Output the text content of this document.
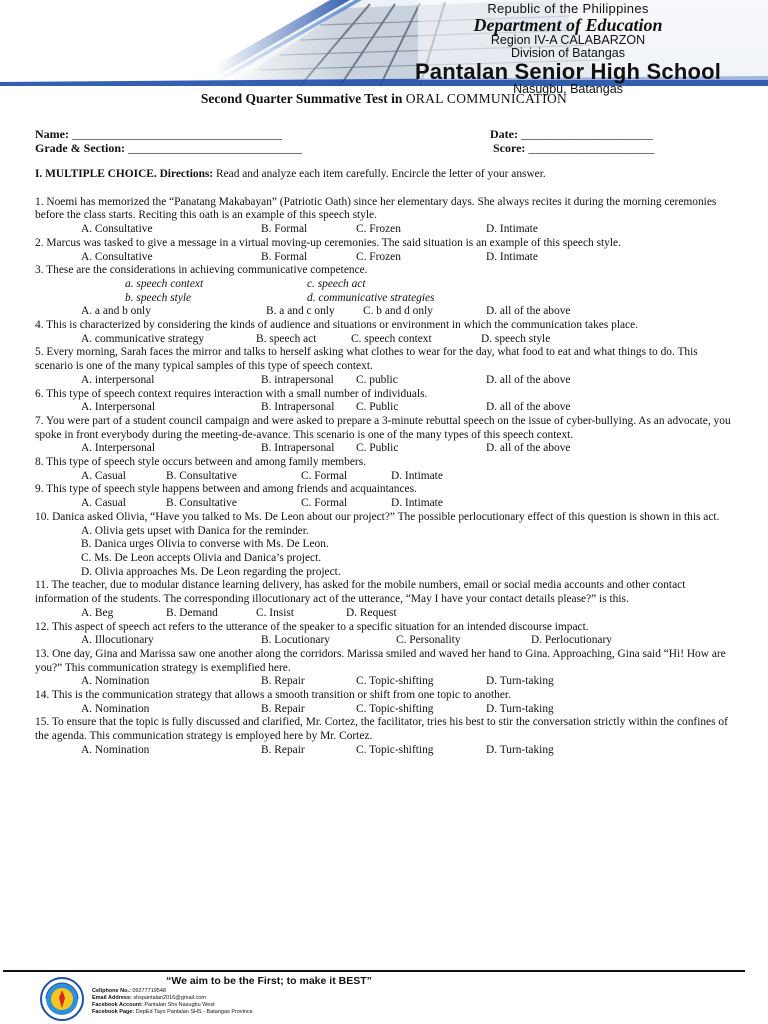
Republic of the Philippines
Department of Education
Region IV-A CALABARZON
Division of Batangas
Pantalan Senior High School
Nasugbu, Batangas
Second Quarter Summative Test in ORAL COMMUNICATION
Name: ___________________________________
Grade & Section: _____________________________
Date: ______________________
Score: _____________________

I. MULTIPLE CHOICE. Directions: Read and analyze each item carefully. Encircle the letter of your answer.

1. Noemi has memorized the “Panatang Makabayan” (Patriotic Oath) since her elementary days. She always recites it during the morning ceremonies before the class starts. Reciting this oath is an example of this speech style.

A. Consultative	B. Formal	C. Frozen	D. Intimate

2. Marcus was tasked to give a message in a virtual moving-up ceremonies. The said situation is an example of this speech style.

A. Consultative	B. Formal	C. Frozen	D. Intimate

3. These are the considerations in achieving communicative competence.

a. speech context	c. speech act
b. speech style	d. communicative strategies
A. a and b only	B. a and c only	C. b and d only	D. all of the above

4. This is characterized by considering the kinds of audience and situations or environment in which the communication takes place.

A. communicative strategy	B. speech act	C. speech context	D. speech style

5. Every morning, Sarah faces the mirror and talks to herself asking what clothes to wear for the day, what food to eat and what things to do. This scenario is one of the many typical samples of this type of speech context.

A. interpersonal	B. intrapersonal	C. public	D. all of the above

6. This type of speech context requires interaction with a small number of individuals.

A. Interpersonal	B. Intrapersonal	C. Public	D. all of the above

7. You were part of a student council campaign and were asked to prepare a 3-minute rebuttal speech on the issue of cyber-bullying. As an advocate, you spoke in front everybody during the meeting-de-avance. This scenario is one of the many types of this speech context.

A. Interpersonal	B. Intrapersonal	C. Public	D. all of the above

8. This type of speech style occurs between and among family members.

A. Casual	B. Consultative	C. Formal	D. Intimate

9. This type of speech style happens between and among friends and acquaintances.

A. Casual	B. Consultative	C. Formal	D. Intimate

10. Danica asked Olivia, “Have you talked to Ms. De Leon about our project?” The possible perlocutionary effect of this question is shown in this act.

A. Olivia gets upset with Danica for the reminder.
B. Danica urges Olivia to converse with Ms. De Leon.
C. Ms. De Leon accepts Olivia and Danica’s project.
D. Olivia approaches Ms. De Leon regarding the project.

11. The teacher, due to modular distance learning delivery, has asked for the mobile numbers, email or social media accounts and other contact information of the students. The corresponding illocutionary act of the utterance, “May I have your contact details please?” is this.

A. Beg	B. Demand	C. Insist	D. Request

12. This aspect of speech act refers to the utterance of the speaker to a specific situation for an intended discourse impact.

A. Illocutionary	B. Locutionary	C. Personality	D. Perlocutionary

13. One day, Gina and Marissa saw one another along the corridors. Marissa smiled and waved her hand to Gina. Approaching, Gina said “Hi! How are you?” This communication strategy is exemplified here.

A. Nomination	B. Repair	C. Topic-shifting	D. Turn-taking

14. This is the communication strategy that allows a smooth transition or shift from one topic to another.

A. Nomination	B. Repair	C. Topic-shifting	D. Turn-taking

15. To ensure that the topic is fully discussed and clarified, Mr. Cortez, the facilitator, tries his best to stir the conversation strictly within the confines of the agenda. This communication strategy is employed here by Mr. Cortez.

A. Nomination	B. Repair	C. Topic-shifting	D. Turn-taking
“We aim to be the First; to make it BEST”
Cellphone No.: 09277719548
Email Address: shspantalan2016@gmail.com
Facebook Account: Pantalan Shs Nasugbu West
Facebook Page: DepEd Tayo Pantalan SHS - Batangas Province
